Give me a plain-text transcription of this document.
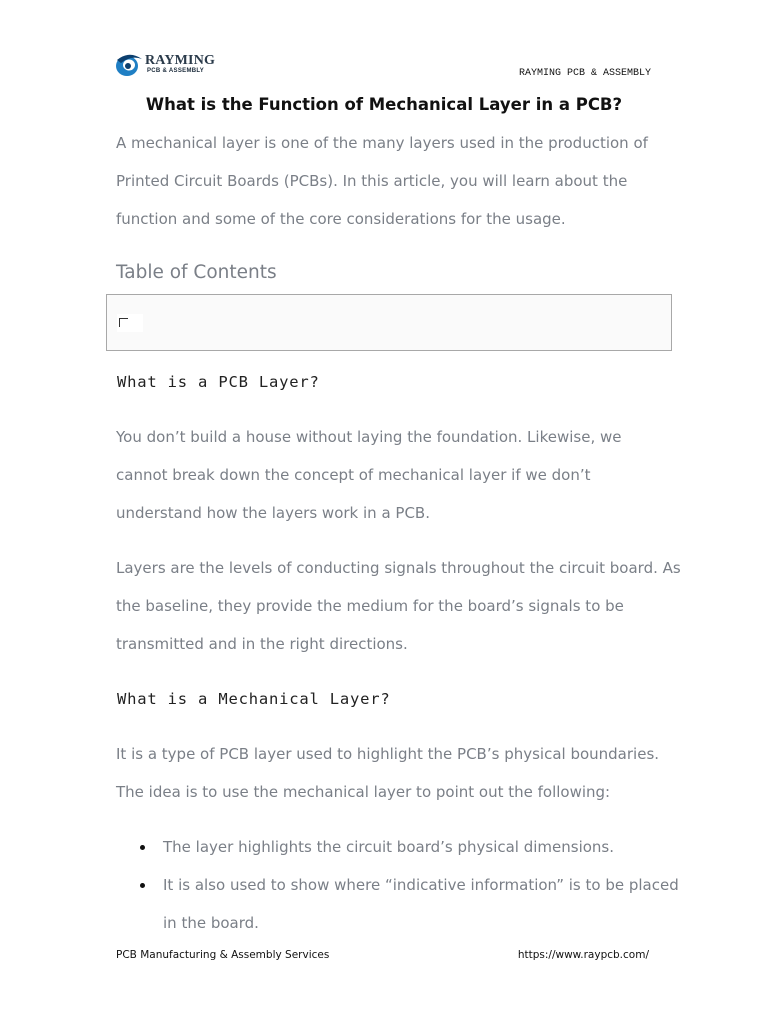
RAYMING
PCB & ASSEMBLY	RAYMING PCB & ASSEMBLY
What is the Function of Mechanical Layer in a PCB?
A mechanical layer is one of the many layers used in the production of
Printed Circuit Boards (PCBs). In this article, you will learn about the
function and some of the core considerations for the usage.
Table of Contents
What is a PCB Layer?
You don’t build a house without laying the foundation. Likewise, we
cannot break down the concept of mechanical layer if we don’t
understand how the layers work in a PCB.
Layers are the levels of conducting signals throughout the circuit board. As
the baseline, they provide the medium for the board’s signals to be
transmitted and in the right directions.
What is a Mechanical Layer?
It is a type of PCB layer used to highlight the PCB’s physical boundaries.
The idea is to use the mechanical layer to point out the following:
The layer highlights the circuit board’s physical dimensions.
It is also used to show where “indicative information” is to be placed
in the board.
PCB Manufacturing & Assembly Services	https://www.raypcb.com/
